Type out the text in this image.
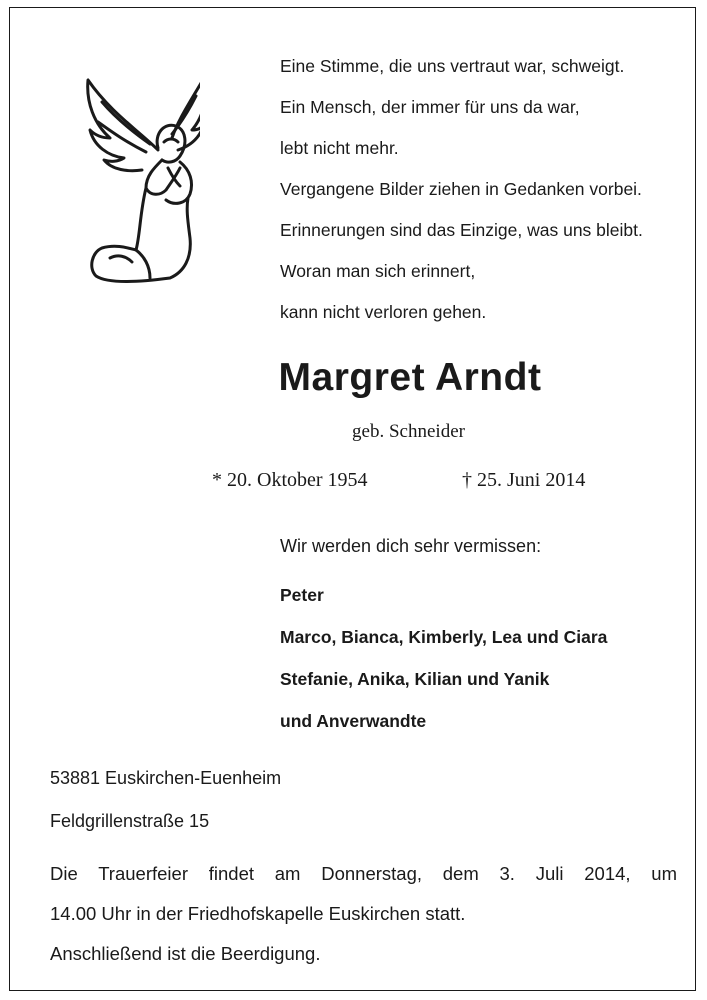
Eine Stimme, die uns vertraut war, schweigt.
Ein Mensch, der immer für uns da war,
lebt nicht mehr.
Vergangene Bilder ziehen in Gedanken vorbei.
Erinnerungen sind das Einzige, was uns bleibt.
Woran man sich erinnert,
kann nicht verloren gehen.
Margret Arndt
geb. Schneider
* 20. Oktober 1954	† 25. Juni 2014
Wir werden dich sehr vermissen:
Peter
Marco, Bianca, Kimberly, Lea und Ciara
Stefanie, Anika, Kilian und Yanik
und Anverwandte
53881 Euskirchen-Euenheim
Feldgrillenstraße 15
Die Trauerfeier findet am Donnerstag, dem 3. Juli 2014, um
14.00 Uhr in der Friedhofskapelle Euskirchen statt.
Anschließend ist die Beerdigung.
